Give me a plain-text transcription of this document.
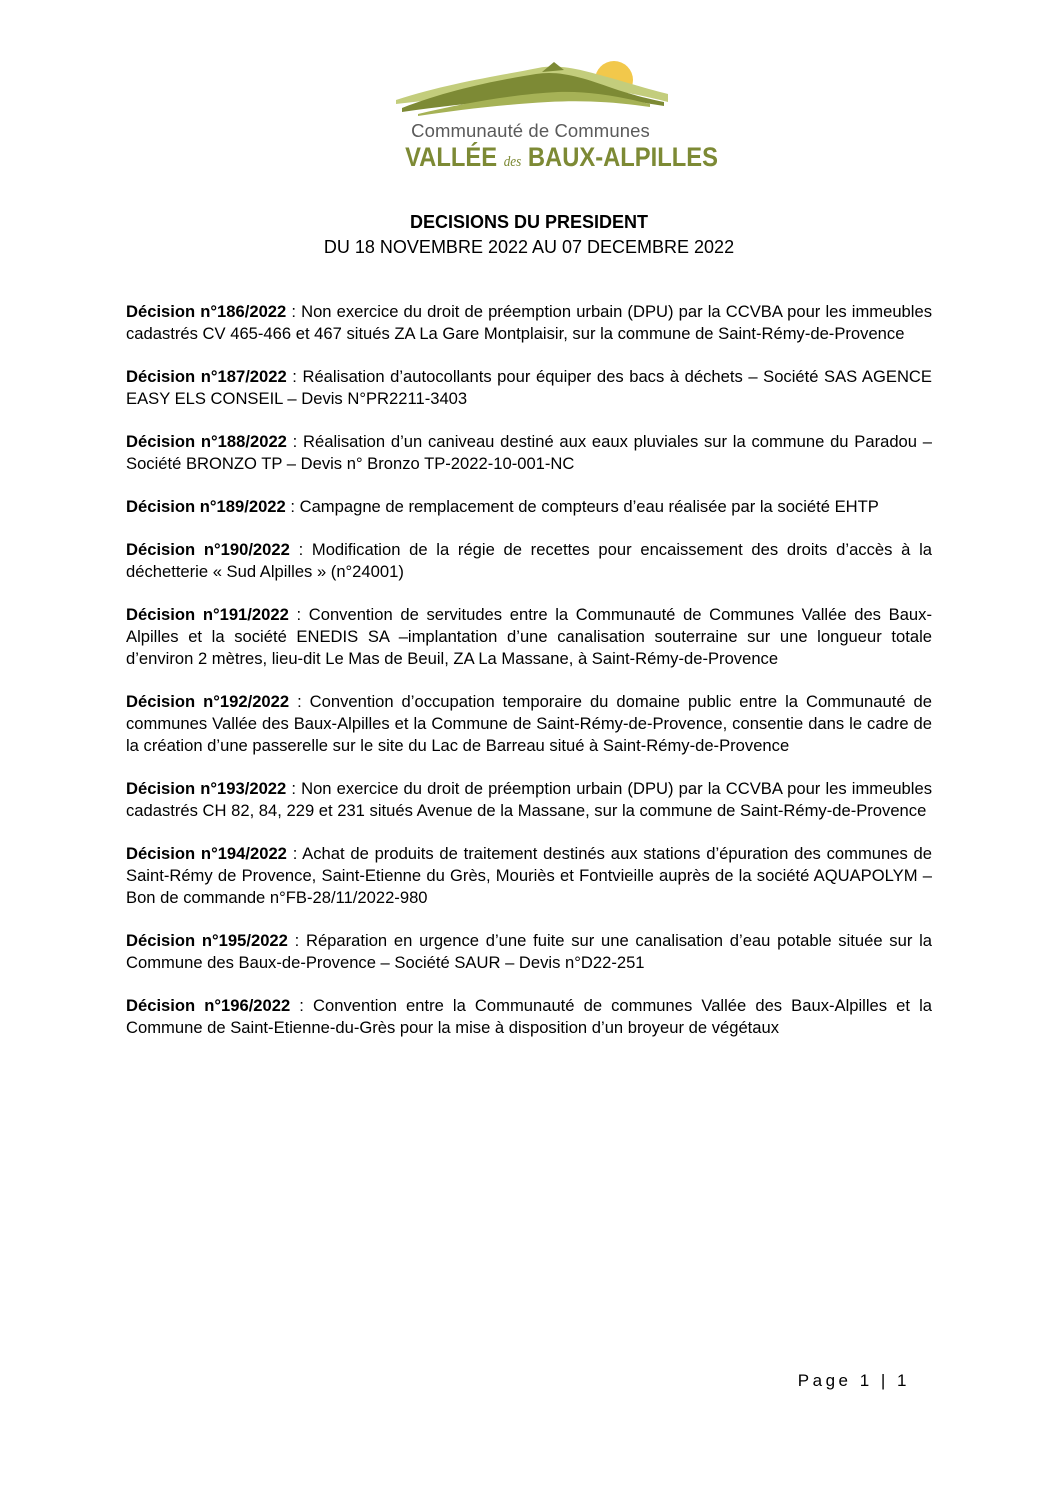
Communauté de Communes
VALLÉE des BAUX-ALPILLES
DECISIONS DU PRESIDENT
DU 18 NOVEMBRE 2022 AU 07 DECEMBRE 2022

Décision n°186/2022 : Non exercice du droit de préemption urbain (DPU) par la CCVBA pour les immeubles cadastrés CV 465-466 et 467 situés ZA La Gare Montplaisir, sur la commune de Saint-Rémy-de-Provence

Décision n°187/2022 : Réalisation d’autocollants pour équiper des bacs à déchets – Société SAS AGENCE EASY ELS CONSEIL – Devis N°PR2211-3403

Décision n°188/2022 : Réalisation d’un caniveau destiné aux eaux pluviales sur la commune du Paradou – Société BRONZO TP – Devis n° Bronzo TP-2022-10-001-NC

Décision n°189/2022 : Campagne de remplacement de compteurs d’eau réalisée par la société EHTP

Décision n°190/2022 : Modification de la régie de recettes pour encaissement des droits d’accès à la déchetterie « Sud Alpilles » (n°24001)

Décision n°191/2022 : Convention de servitudes entre la Communauté de Communes Vallée des Baux-Alpilles et la société ENEDIS SA –implantation d’une canalisation souterraine sur une longueur totale d’environ 2 mètres, lieu-dit Le Mas de Beuil, ZA La Massane, à Saint-Rémy-de-Provence

Décision n°192/2022 : Convention d’occupation temporaire du domaine public entre la Communauté de communes Vallée des Baux-Alpilles et la Commune de Saint-Rémy-de-Provence, consentie dans le cadre de la création d’une passerelle sur le site du Lac de Barreau situé à Saint-Rémy-de-Provence

Décision n°193/2022 : Non exercice du droit de préemption urbain (DPU) par la CCVBA pour les immeubles cadastrés CH 82, 84, 229 et 231 situés Avenue de la Massane, sur la commune de Saint-Rémy-de-Provence

Décision n°194/2022 : Achat de produits de traitement destinés aux stations d’épuration des communes de Saint-Rémy de Provence, Saint-Etienne du Grès, Mouriès et Fontvieille auprès de la société AQUAPOLYM – Bon de commande n°FB-28/11/2022-980

Décision n°195/2022 : Réparation en urgence d’une fuite sur une canalisation d’eau potable située sur la Commune des Baux-de-Provence – Société SAUR – Devis n°D22-251

Décision n°196/2022 : Convention entre la Communauté de communes Vallée des Baux-Alpilles et la Commune de Saint-Etienne-du-Grès pour la mise à disposition d’un broyeur de végétaux

Page 1 | 1
